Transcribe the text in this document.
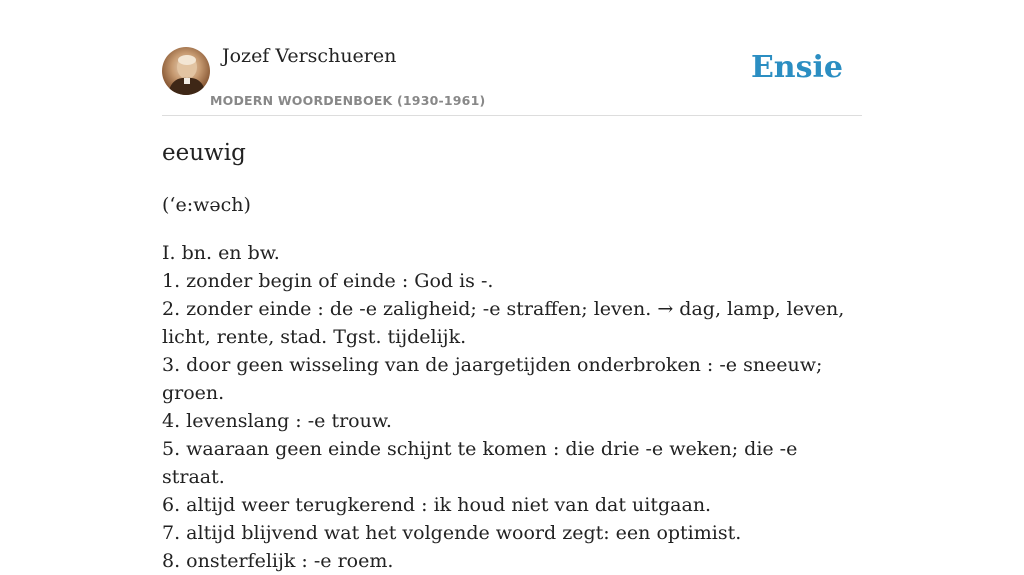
Jozef Verschueren
MODERN WOORDENBOEK (1930-1961)
Ensie
eeuwig
(‘e:wəch)

I. bn. en bw.

1. zonder begin of einde : God is -.

2. zonder einde : de -e zaligheid; -e straffen; leven. → dag, lamp, leven, licht, rente, stad. Tgst. tijdelijk.

3. door geen wisseling van de jaargetijden onderbroken : -e sneeuw; groen.

4. levenslang : -e trouw.

5. waaraan geen einde schijnt te komen : die drie -e weken; die -e straat.

6. altijd weer terugkerend : ik houd niet van dat uitgaan.

7. altijd blijvend wat het volgende woord zegt: een optimist.

8. onsterfelijk : -e roem.
